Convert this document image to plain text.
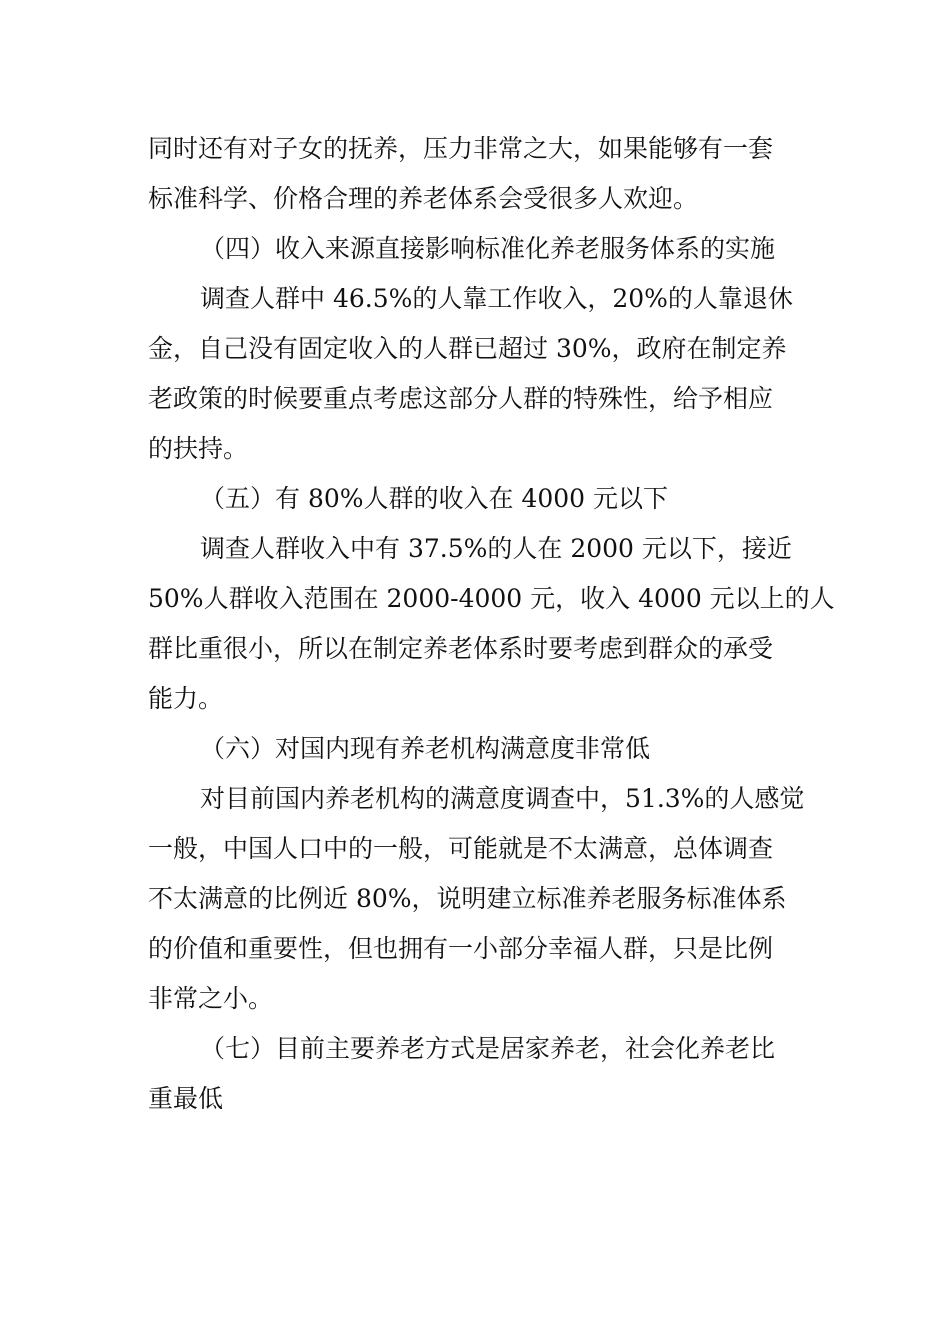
同时还有对子女的抚养，压力非常之大，如果能够有一套
标准科学、价格合理的养老体系会受很多人欢迎。
（四）收入来源直接影响标准化养老服务体系的实施
调查人群中 46.5%的人靠工作收入，20%的人靠退休
金，自己没有固定收入的人群已超过 30%，政府在制定养
老政策的时候要重点考虑这部分人群的特殊性，给予相应
的扶持。
（五）有 80%人群的收入在 4000 元以下
调查人群收入中有 37.5%的人在 2000 元以下，接近
50%人群收入范围在 2000-4000 元，收入 4000 元以上的人
群比重很小，所以在制定养老体系时要考虑到群众的承受
能力。
（六）对国内现有养老机构满意度非常低
对目前国内养老机构的满意度调查中，51.3%的人感觉
一般，中国人口中的一般，可能就是不太满意，总体调查
不太满意的比例近 80%，说明建立标准养老服务标准体系
的价值和重要性，但也拥有一小部分幸福人群，只是比例
非常之小。
（七）目前主要养老方式是居家养老，社会化养老比
重最低
